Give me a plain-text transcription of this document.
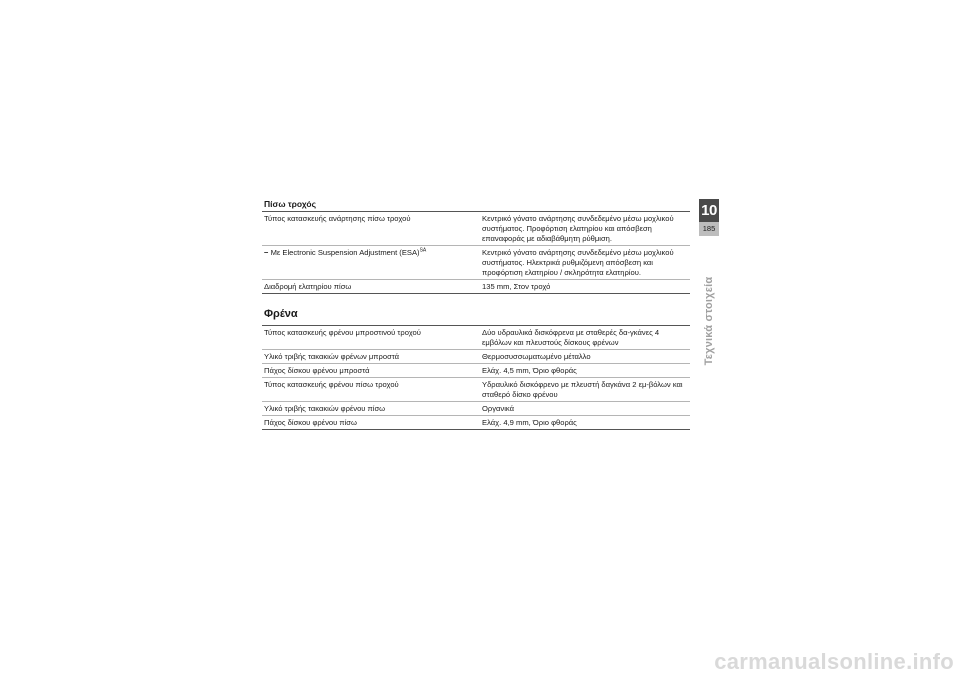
Πίσω τροχός
Τύπος κατασκευής ανάρτησης πίσω τροχού	Κεντρικό γόνατο ανάρτησης συνδεδεμένο μέσω μοχλικού συστήματος. Προφόρτιση ελατηρίου και απόσβεση επαναφοράς με αδιαβάθμητη ρύθμιση.
− Με Electronic Suspension Adjustment (ESA)$^{SA}$	Κεντρικό γόνατο ανάρτησης συνδεδεμένο μέσω μοχλικού συστήματος. Ηλεκτρικά ρυθμιζόμενη απόσβεση και προφόρτιση ελατηρίου / σκληρότητα ελατηρίου.
Διαδρομή ελατηρίου πίσω	135 mm, Στον τροχό
Φρένα
Τύπος κατασκευής φρένου μπροστινού τροχού	Δύο υδραυλικά δισκόφρενα με σταθερές δα-γκάνες 4 εμβόλων και πλευστούς δίσκους φρένων
Υλικό τριβής τακακιών φρένων μπροστά	Θερμοσυσσωματωμένο μέταλλο
Πάχος δίσκου φρένου μπροστά	Ελάχ. 4,5 mm, Όριο φθοράς
Τύπος κατασκευής φρένου πίσω τροχού	Υδραυλικό δισκόφρενο με πλευστή δαγκάνα 2 εμ-βόλων και σταθερό δίσκο φρένου
Υλικό τριβής τακακιών φρένου πίσω	Οργανικά
Πάχος δίσκου φρένου πίσω	Ελάχ. 4,9 mm, Όριο φθοράς
10
185
Τεχνικά στοιχεία
carmanualsonline.info
